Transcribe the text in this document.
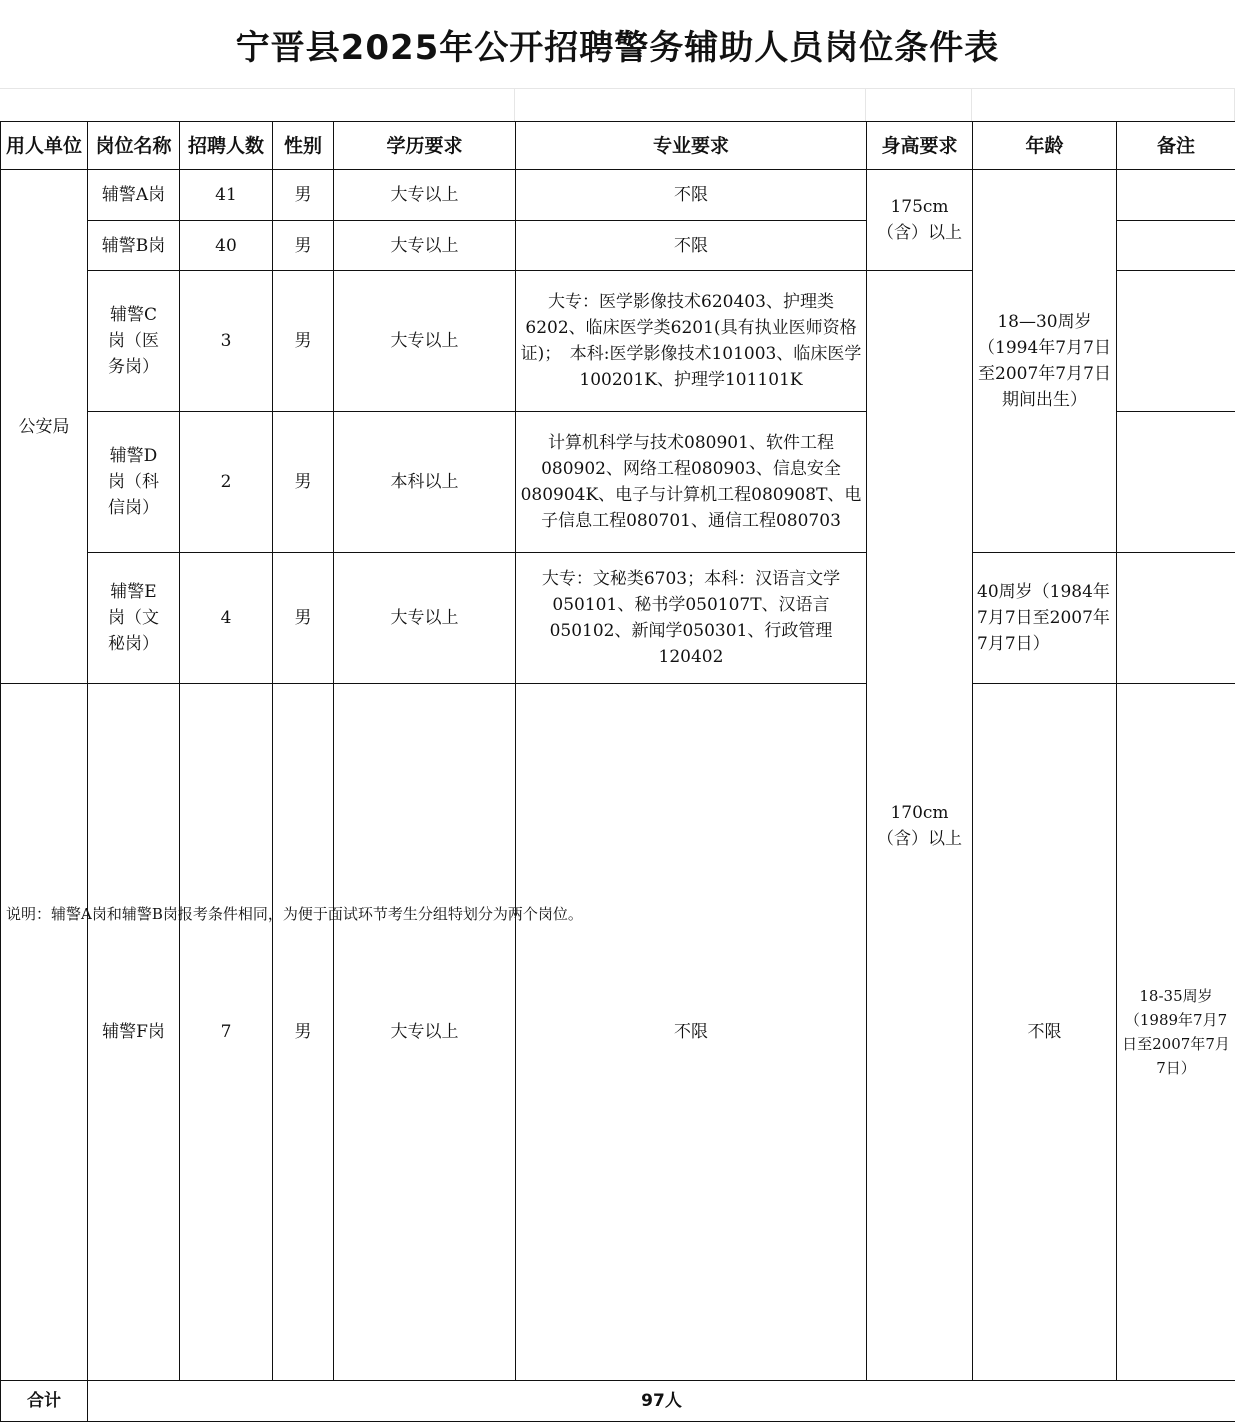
宁晋县2025年公开招聘警务辅助人员岗位条件表
用人单位	岗位名称	招聘人数	性别	学历要求	专业要求	身高要求	年龄	备注	
公安局	辅警A岗	41	男	大专以上	不限	175cm（含）以上	18—30周岁（1994年7月7日至2007年7月7日期间出生）		
	辅警B岗	40	男	大专以上	不限				
	辅警C岗（医务岗）	3	男	大专以上	大专：医学影像技术620403、护理类6202、临床医学类6201(具有执业医师资格证)；　本科:医学影像技术101003、临床医学100201K、护理学101101K	170cm（含）以上			
	辅警D岗（科信岗）	2	男	本科以上	计算机科学与技术080901、软件工程080902、网络工程080903、信息安全080904K、电子与计算机工程080908T、电子信息工程080701、通信工程080703				
	辅警E岗（文秘岗）	4	男	大专以上	大专：文秘类6703；本科：汉语言文学050101、秘书学050107T、汉语言050102、新闻学050301、行政管理120402		40周岁（1984年7月7日至2007年7月7日）		
	辅警F岗	7	男	大专以上	不限		不限	18-35周岁（1989年7月7日至2007年7月7日）	
合计	97人								
说明：辅警A岗和辅警B岗报考条件相同，为便于面试环节考生分组特划分为两个岗位。
